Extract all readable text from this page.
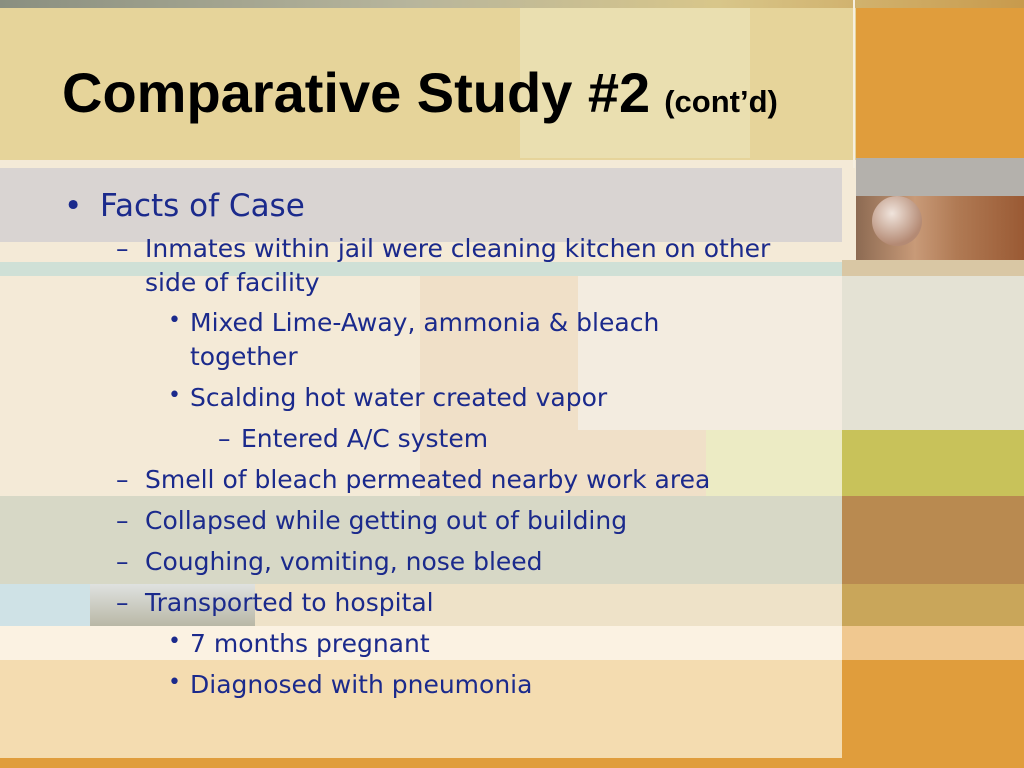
Comparative Study #2 (cont’d)
• Facts of Case
– Inmates within jail were cleaning kitchen on other
side of facility
• Mixed Lime-Away, ammonia & bleach
together
• Scalding hot water created vapor
– Entered A/C system
– Smell of bleach permeated nearby work area
– Collapsed while getting out of building
– Coughing, vomiting, nose bleed
– Transported to hospital
• 7 months pregnant
• Diagnosed with pneumonia
